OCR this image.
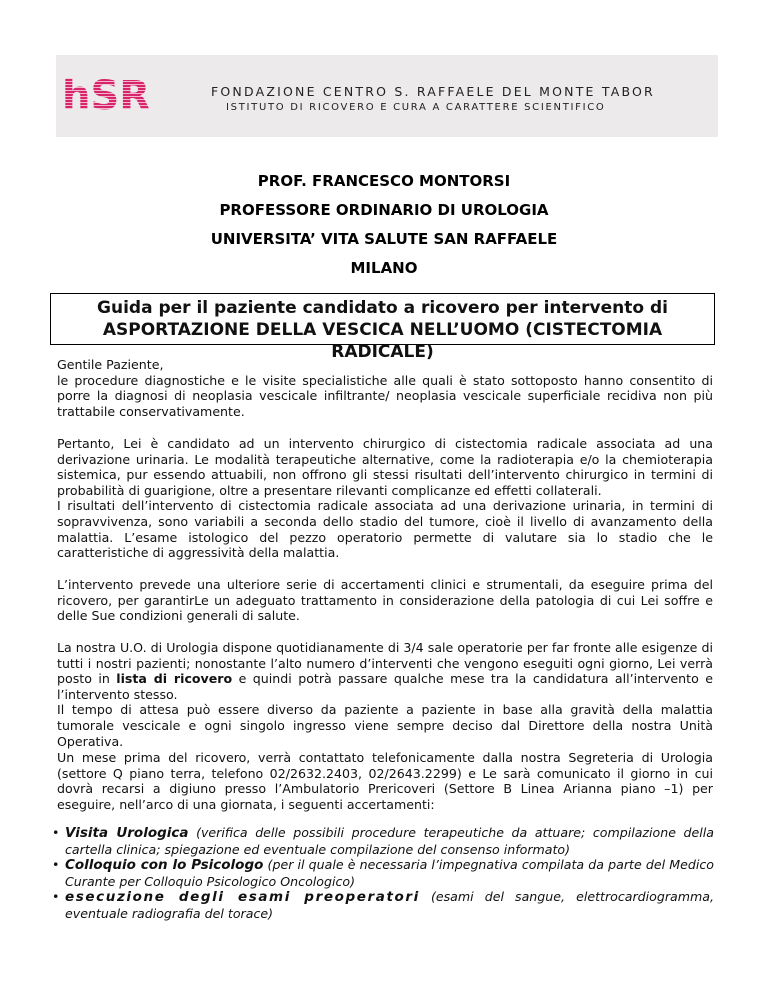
hSR	FONDAZIONE CENTRO S. RAFFAELE DEL MONTE TABOR
ISTITUTO DI RICOVERO E CURA A CARATTERE SCIENTIFICO
PROF. FRANCESCO MONTORSI
PROFESSORE ORDINARIO DI UROLOGIA
UNIVERSITA’ VITA SALUTE SAN RAFFAELE
MILANO
Guida per il paziente candidato a ricovero per intervento di
ASPORTAZIONE DELLA VESCICA NELL’UOMO (CISTECTOMIA RADICALE)
Gentile Paziente,
le procedure diagnostiche e le visite specialistiche alle quali è stato sottoposto hanno consentito di porre la diagnosi di neoplasia vescicale infiltrante/ neoplasia vescicale superficiale recidiva non più trattabile conservativamente.

Pertanto, Lei è candidato ad un intervento chirurgico di cistectomia radicale associata ad una derivazione urinaria. Le modalità terapeutiche alternative, come la radioterapia e/o la chemioterapia sistemica, pur essendo attuabili, non offrono gli stessi risultati dell’intervento chirurgico in termini di probabilità di guarigione, oltre a presentare rilevanti complicanze ed effetti collaterali.

I risultati dell’intervento di cistectomia radicale associata ad una derivazione urinaria, in termini di sopravvivenza, sono variabili a seconda dello stadio del tumore, cioè il livello di avanzamento della malattia. L’esame istologico del pezzo operatorio permette di valutare sia lo stadio che le caratteristiche di aggressività della malattia.

L’intervento prevede una ulteriore serie di accertamenti clinici e strumentali, da eseguire prima del ricovero, per garantirLe un adeguato trattamento in considerazione della patologia di cui Lei soffre e delle Sue condizioni generali di salute.

La nostra U.O. di Urologia dispone quotidianamente di 3/4 sale operatorie per far fronte alle esigenze di tutti i nostri pazienti; nonostante l’alto numero d’interventi che vengono eseguiti ogni giorno, Lei verrà posto in lista di ricovero e quindi potrà passare qualche mese tra la candidatura all’intervento e l’intervento stesso.

Il tempo di attesa può essere diverso da paziente a paziente in base alla gravità della malattia tumorale vescicale e ogni singolo ingresso viene sempre deciso dal Direttore della nostra Unità Operativa.

Un mese prima del ricovero, verrà contattato telefonicamente dalla nostra Segreteria di Urologia (settore Q piano terra, telefono 02/2632.2403, 02/2643.2299) e Le sarà comunicato il giorno in cui dovrà recarsi a digiuno presso l’Ambulatorio Prericoveri (Settore B Linea Arianna piano –1) per eseguire, nell’arco di una giornata, i seguenti accertamenti:

• Visita Urologica (verifica delle possibili procedure terapeutiche da attuare; compilazione della cartella clinica; spiegazione ed eventuale compilazione del consenso informato)

• Colloquio con lo Psicologo (per il quale è necessaria l’impegnativa compilata da parte del Medico Curante per Colloquio Psicologico Oncologico)

• esecuzione degli esami preoperatori (esami del sangue, elettrocardiogramma, eventuale radiografia del torace)
